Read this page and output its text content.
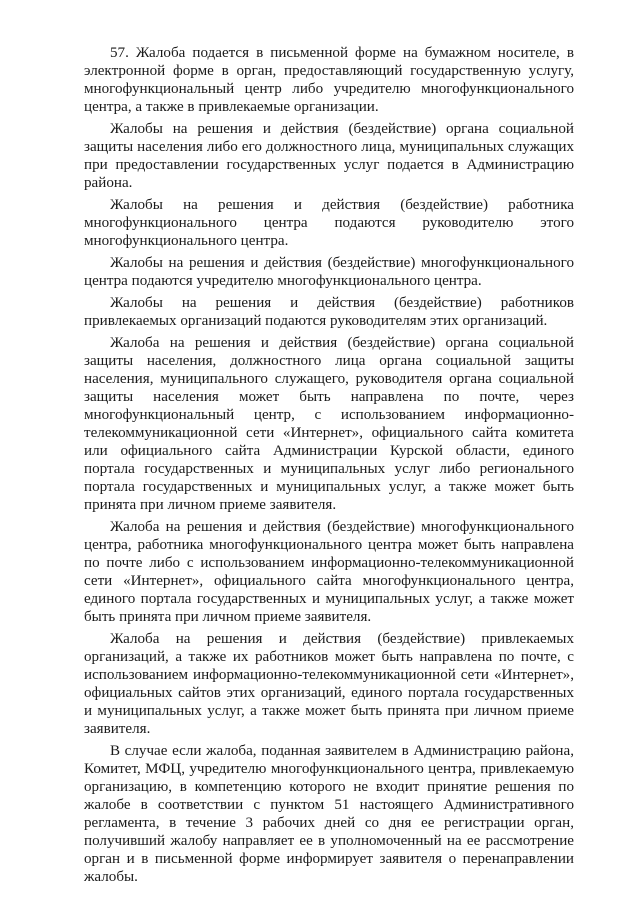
57. Жалоба подается в письменной форме на бумажном носителе, в электронной форме в орган, предоставляющий государственную услугу, многофункциональный центр либо учредителю многофункционального центра, а также в привлекаемые организации.

Жалобы на решения и действия (бездействие) органа социальной защиты населения либо его должностного лица, муниципальных служащих при предоставлении государственных услуг подается в Администрацию района.

Жалобы на решения и действия (бездействие) работника многофункционального центра подаются руководителю этого многофункционального центра.

Жалобы на решения и действия (бездействие) многофункционального центра подаются учредителю многофункционального центра.

Жалобы на решения и действия (бездействие) работников привлекаемых организаций подаются руководителям этих организаций.

Жалоба на решения и действия (бездействие) органа социальной защиты населения, должностного лица органа социальной защиты населения, муниципального служащего, руководителя органа социальной защиты населения может быть направлена по почте, через многофункциональный центр, с использованием информационно-телекоммуникационной сети «Интернет», официального сайта комитета или официального сайта Администрации Курской области, единого портала государственных и муниципальных услуг либо регионального портала государственных и муниципальных услуг, а также может быть принята при личном приеме заявителя.

Жалоба на решения и действия (бездействие) многофункционального центра, работника многофункционального центра может быть направлена по почте либо с использованием информационно-телекоммуникационной сети «Интернет», официального сайта многофункционального центра, единого портала государственных и муниципальных услуг, а также может быть принята при личном приеме заявителя.

Жалоба на решения и действия (бездействие) привлекаемых организаций, а также их работников может быть направлена по почте, с использованием информационно-телекоммуникационной сети «Интернет», официальных сайтов этих организаций, единого портала государственных и муниципальных услуг, а также может быть принята при личном приеме заявителя.

В случае если жалоба, поданная заявителем в Администрацию района, Комитет, МФЦ, учредителю многофункционального центра, привлекаемую организацию, в компетенцию которого не входит принятие решения по жалобе в соответствии с пунктом 51 настоящего Административного регламента, в течение 3 рабочих дней со дня ее регистрации орган, получивший жалобу направляет ее в уполномоченный на ее рассмотрение орган и в письменной форме информирует заявителя о перенаправлении жалобы.
